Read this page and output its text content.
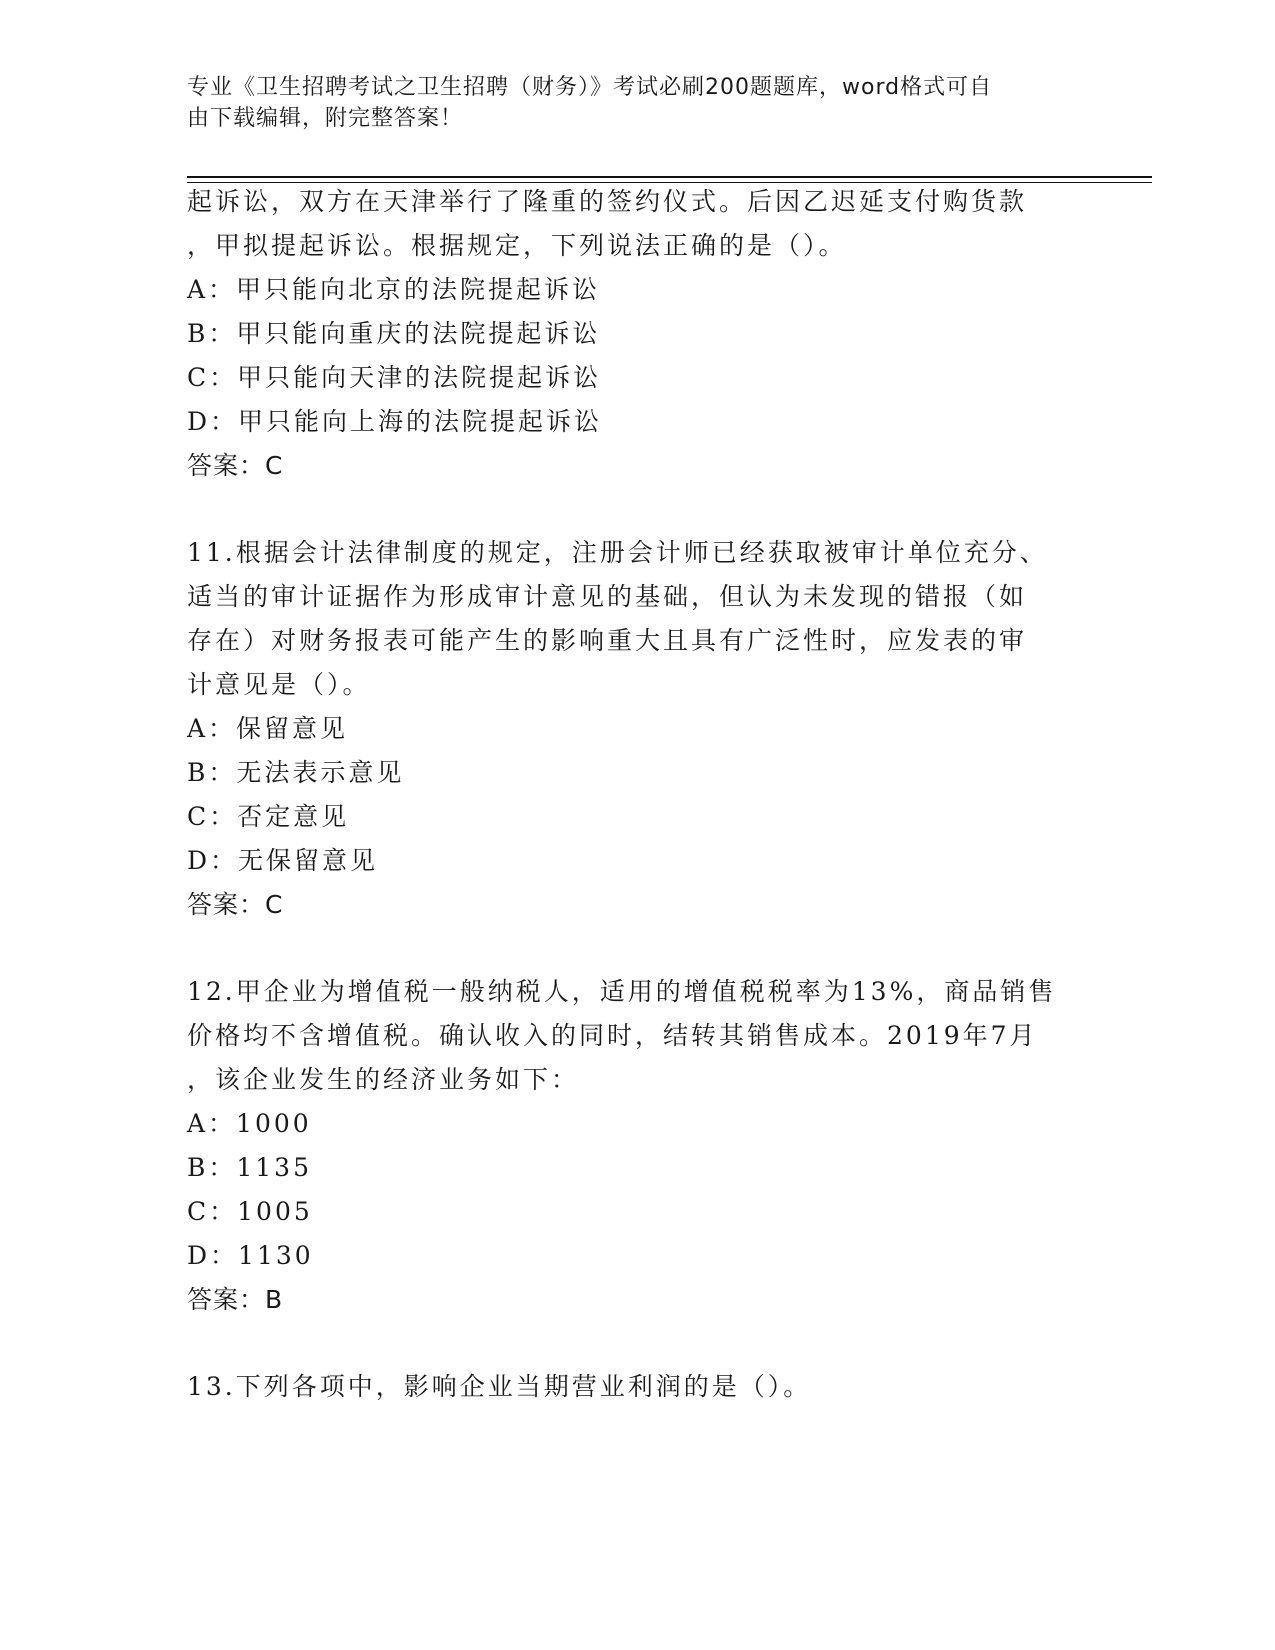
专业《卫生招聘考试之卫生招聘（财务）》考试必刷200题题库，word格式可自
由下载编辑，附完整答案！
起诉讼，双方在天津举行了隆重的签约仪式。后因乙迟延支付购货款
，甲拟提起诉讼。根据规定，下列说法正确的是（）。
A：甲只能向北京的法院提起诉讼
B：甲只能向重庆的法院提起诉讼
C：甲只能向天津的法院提起诉讼
D：甲只能向上海的法院提起诉讼
答案：C
11.根据会计法律制度的规定，注册会计师已经获取被审计单位充分、
适当的审计证据作为形成审计意见的基础，但认为未发现的错报（如
存在）对财务报表可能产生的影响重大且具有广泛性时，应发表的审
计意见是（）。
A：保留意见
B：无法表示意见
C：否定意见
D：无保留意见
答案：C
12.甲企业为增值税一般纳税人，适用的增值税税率为13%，商品销售
价格均不含增值税。确认收入的同时，结转其销售成本。2019年7月
，该企业发生的经济业务如下：
A：1000
B：1135
C：1005
D：1130
答案：B
13.下列各项中，影响企业当期营业利润的是（）。
